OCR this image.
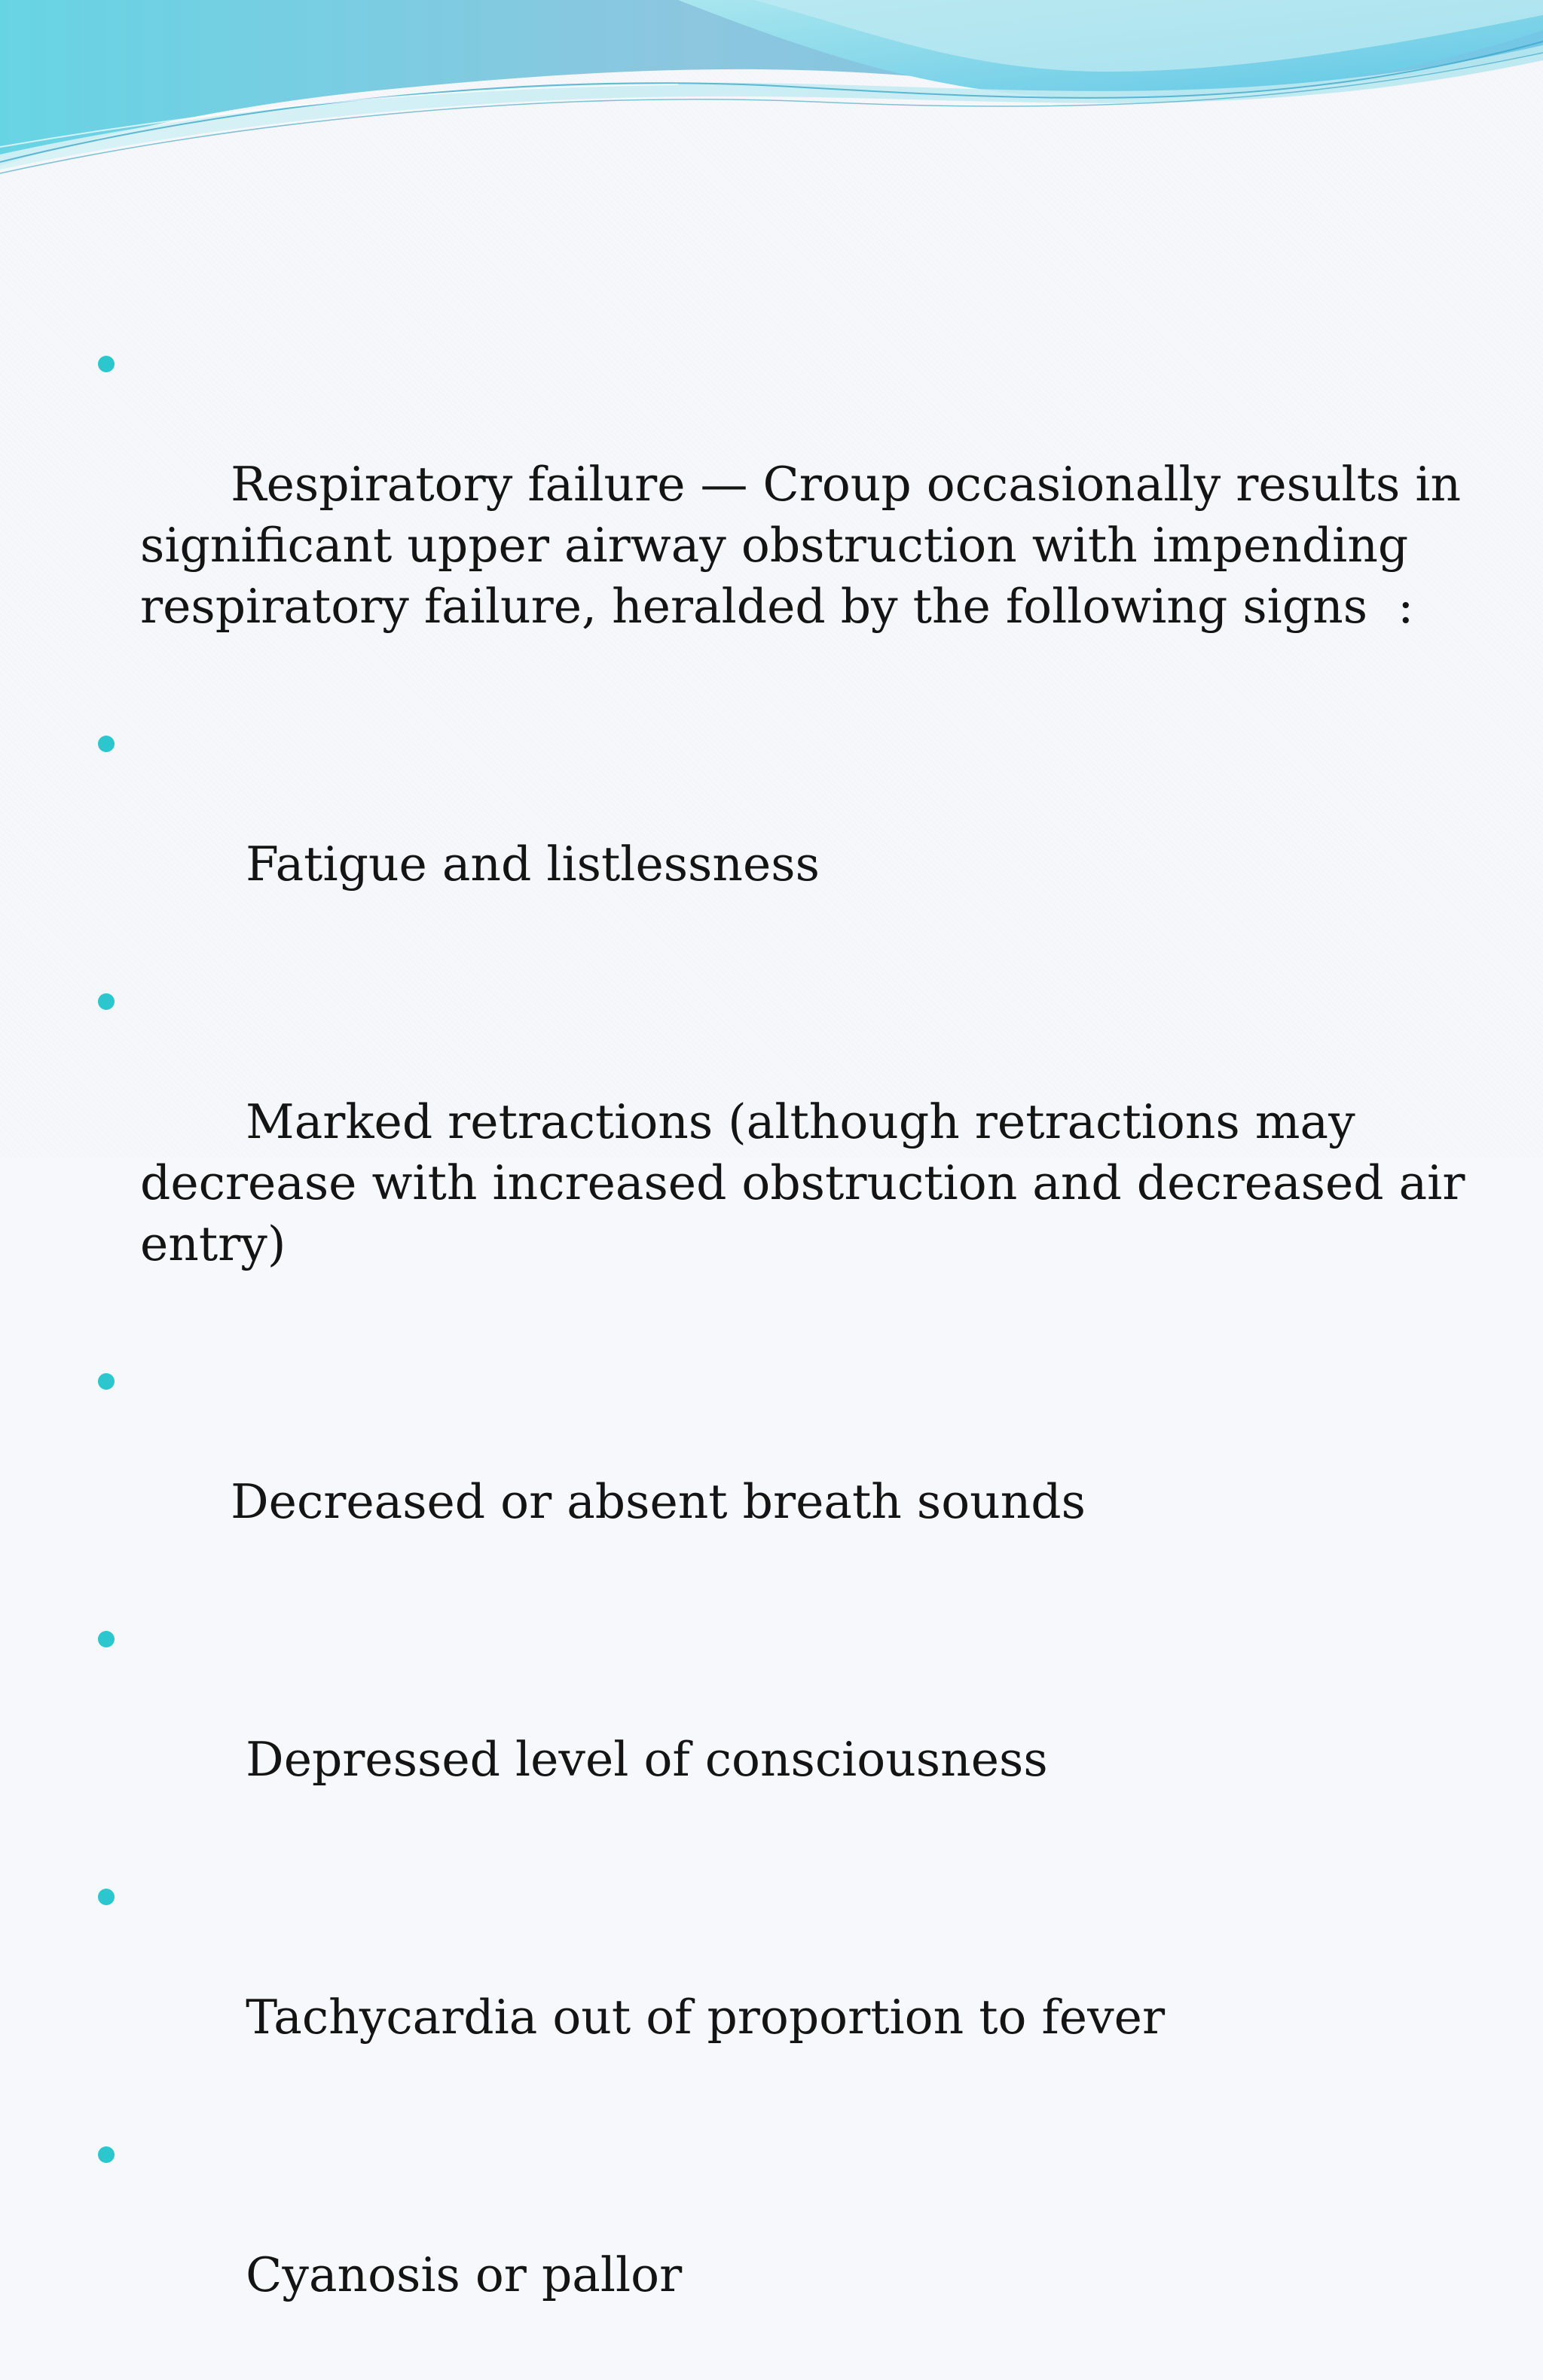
Respiratory failure — Croup occasionally results in significant upper airway obstruction with impending respiratory failure, heralded by the following signs  :

Fatigue and listlessness

Marked retractions (although retractions may decrease with increased obstruction and decreased air entry)

Decreased or absent breath sounds

Depressed level of consciousness

Tachycardia out of proportion to fever

Cyanosis or pallor
